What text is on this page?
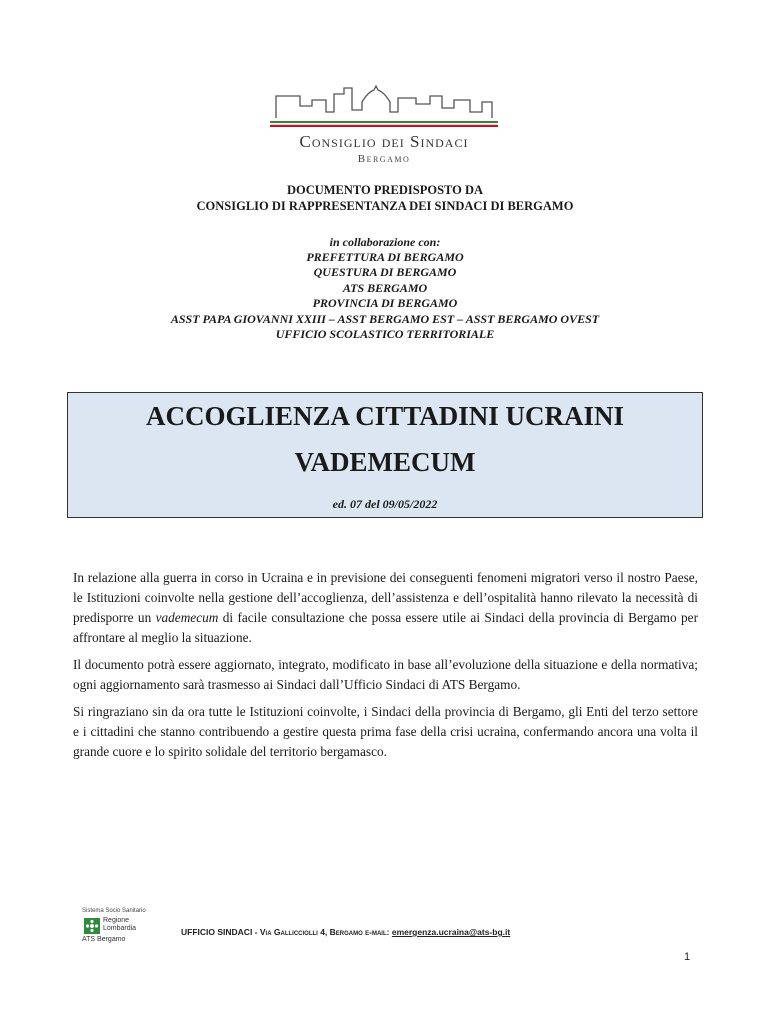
Consiglio dei Sindaci
Bergamo
DOCUMENTO PREDISPOSTO DA
CONSIGLIO DI RAPPRESENTANZA DEI SINDACI DI BERGAMO
in collaborazione con:
PREFETTURA DI BERGAMO
QUESTURA DI BERGAMO
ATS BERGAMO
PROVINCIA DI BERGAMO
ASST PAPA GIOVANNI XXIII – ASST BERGAMO EST – ASST BERGAMO OVEST
UFFICIO SCOLASTICO TERRITORIALE
ACCOGLIENZA CITTADINI UCRAINI
VADEMECUM
ed. 07 del 09/05/2022

In relazione alla guerra in corso in Ucraina e in previsione dei conseguenti fenomeni migratori verso il nostro Paese, le Istituzioni coinvolte nella gestione dell’accoglienza, dell’assistenza e dell’ospitalità hanno rilevato la necessità di predisporre un vademecum di facile consultazione che possa essere utile ai Sindaci della provincia di Bergamo per affrontare al meglio la situazione.

Il documento potrà essere aggiornato, integrato, modificato in base all’evoluzione della situazione e della normativa; ogni aggiornamento sarà trasmesso ai Sindaci dall’Ufficio Sindaci di ATS Bergamo.

Si ringraziano sin da ora tutte le Istituzioni coinvolte, i Sindaci della provincia di Bergamo, gli Enti del terzo settore e i cittadini che stanno contribuendo a gestire questa prima fase della crisi ucraina, confermando ancora una volta il grande cuore e lo spirito solidale del territorio bergamasco.

Sistema Socio Sanitario
Regione Lombardia
ATS Bergamo
UFFICIO SINDACI - Via Gallicciolli 4, Bergamo e-mail: emergenza.ucraina@ats-bg.it
1
